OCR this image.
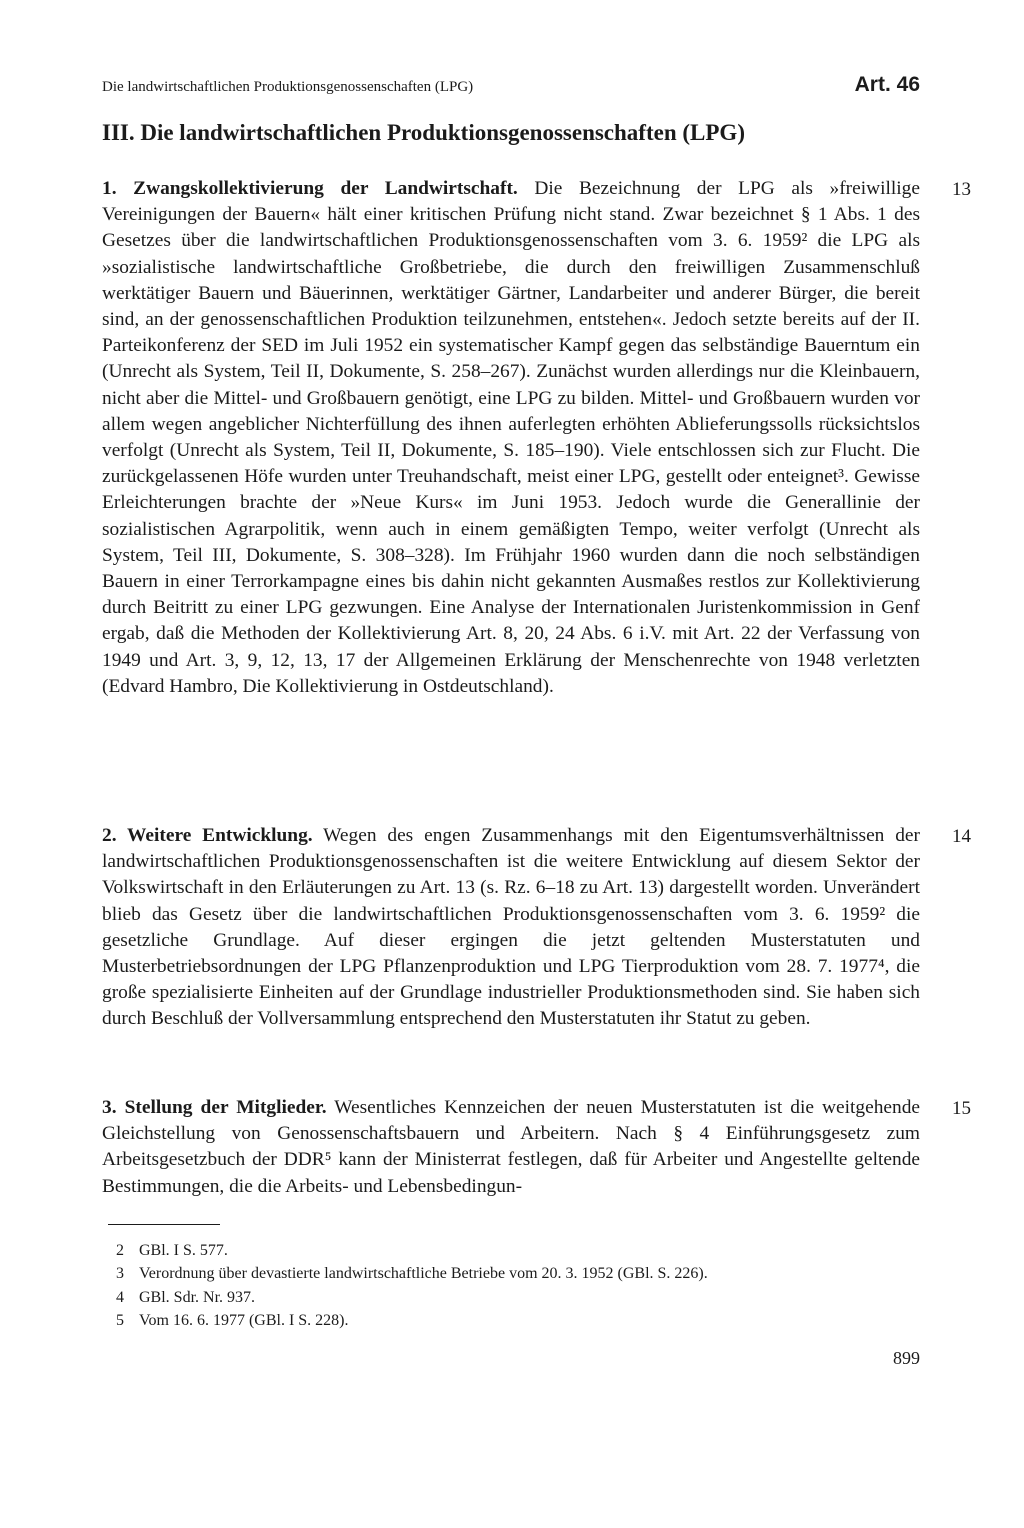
Die landwirtschaftlichen Produktionsgenossenschaften (LPG)	Art. 46
III. Die landwirtschaftlichen Produktionsgenossenschaften (LPG)

1. Zwangskollektivierung der Landwirtschaft. Die Bezeichnung der LPG als »freiwillige Vereinigungen der Bauern« hält einer kritischen Prüfung nicht stand. Zwar bezeichnet § 1 Abs. 1 des Gesetzes über die landwirtschaftlichen Produktionsgenossenschaften vom 3. 6. 1959² die LPG als »sozialistische landwirtschaftliche Großbetriebe, die durch den freiwilligen Zusammenschluß werktätiger Bauern und Bäuerinnen, werktätiger Gärtner, Landarbeiter und anderer Bürger, die bereit sind, an der genossenschaftlichen Produktion teilzunehmen, entstehen«. Jedoch setzte bereits auf der II. Parteikonferenz der SED im Juli 1952 ein systematischer Kampf gegen das selbständige Bauerntum ein (Unrecht als System, Teil II, Dokumente, S. 258–267). Zunächst wurden allerdings nur die Kleinbauern, nicht aber die Mittel- und Großbauern genötigt, eine LPG zu bilden. Mittel- und Großbauern wurden vor allem wegen angeblicher Nichterfüllung des ihnen auferlegten erhöhten Ablieferungssolls rücksichtslos verfolgt (Unrecht als System, Teil II, Dokumente, S. 185–190). Viele entschlossen sich zur Flucht. Die zurückgelassenen Höfe wurden unter Treuhandschaft, meist einer LPG, gestellt oder enteignet³. Gewisse Erleichterungen brachte der »Neue Kurs« im Juni 1953. Jedoch wurde die Generallinie der sozialistischen Agrarpolitik, wenn auch in einem gemäßigten Tempo, weiter verfolgt (Unrecht als System, Teil III, Dokumente, S. 308–328). Im Frühjahr 1960 wurden dann die noch selbständigen Bauern in einer Terrorkampagne eines bis dahin nicht gekannten Ausmaßes restlos zur Kollektivierung durch Beitritt zu einer LPG gezwungen. Eine Analyse der Internationalen Juristenkommission in Genf ergab, daß die Methoden der Kollektivierung Art. 8, 20, 24 Abs. 6 i.V. mit Art. 22 der Verfassung von 1949 und Art. 3, 9, 12, 13, 17 der Allgemeinen Erklärung der Menschenrechte von 1948 verletzten (Edvard Hambro, Die Kollektivierung in Ostdeutschland).

13

2. Weitere Entwicklung. Wegen des engen Zusammenhangs mit den Eigentumsverhältnissen der landwirtschaftlichen Produktionsgenossenschaften ist die weitere Entwicklung auf diesem Sektor der Volkswirtschaft in den Erläuterungen zu Art. 13 (s. Rz. 6–18 zu Art. 13) dargestellt worden. Unverändert blieb das Gesetz über die landwirtschaftlichen Produktionsgenossenschaften vom 3. 6. 1959² die gesetzliche Grundlage. Auf dieser ergingen die jetzt geltenden Musterstatuten und Musterbetriebsordnungen der LPG Pflanzenproduktion und LPG Tierproduktion vom 28. 7. 1977⁴, die große spezialisierte Einheiten auf der Grundlage industrieller Produktionsmethoden sind. Sie haben sich durch Beschluß der Vollversammlung entsprechend den Musterstatuten ihr Statut zu geben.

14

3. Stellung der Mitglieder. Wesentliches Kennzeichen der neuen Musterstatuten ist die weitgehende Gleichstellung von Genossenschaftsbauern und Arbeitern. Nach § 4 Einführungsgesetz zum Arbeitsgesetzbuch der DDR⁵ kann der Ministerrat festlegen, daß für Arbeiter und Angestellte geltende Bestimmungen, die die Arbeits- und Lebensbedingun-

15
2 GBl. I S. 577.
3 Verordnung über devastierte landwirtschaftliche Betriebe vom 20. 3. 1952 (GBl. S. 226).
4 GBl. Sdr. Nr. 937.
5 Vom 16. 6. 1977 (GBl. I S. 228).
899
